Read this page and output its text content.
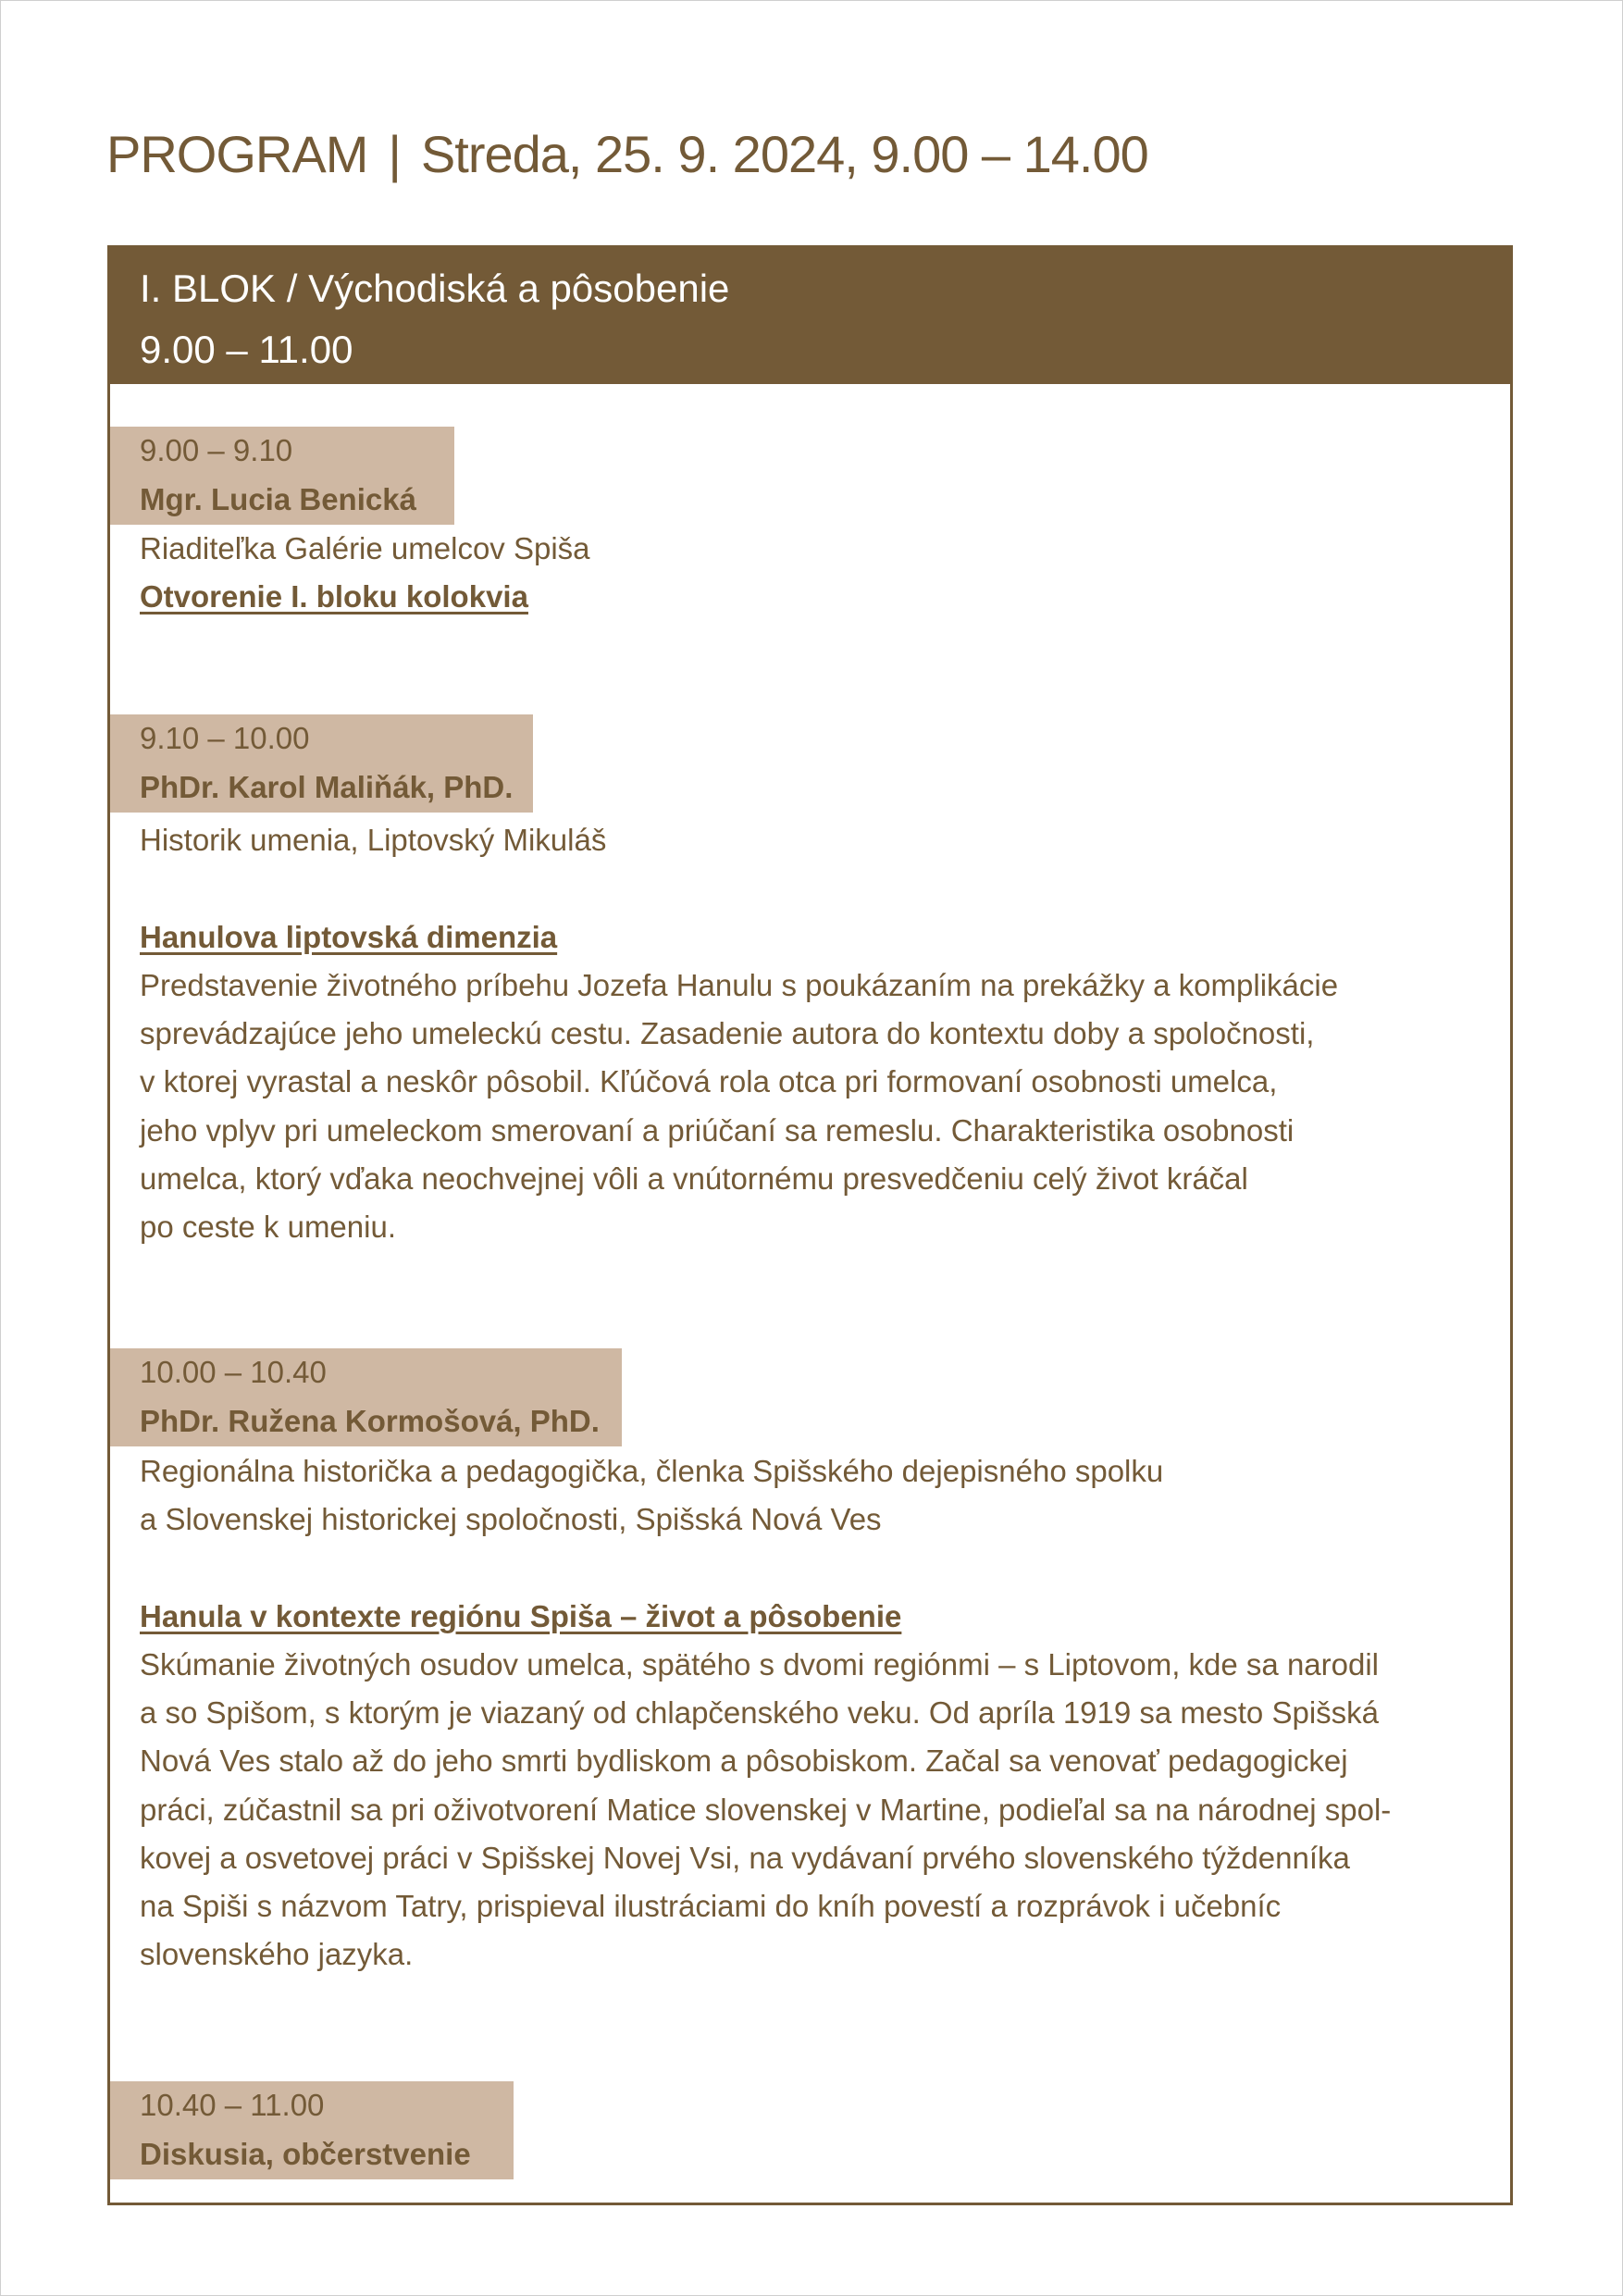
PROGRAM | Streda, 25. 9. 2024, 9.00 – 14.00
I. BLOK / Východiská a pôsobenie
9.00 – 11.00
9.00 – 9.10
Mgr. Lucia Benická
Riaditeľka Galérie umelcov Spiša
Otvorenie I. bloku kolokvia
9.10 – 10.00
PhDr. Karol Maliňák, PhD.
Historik umenia, Liptovský Mikuláš
Hanulova liptovská dimenzia
Predstavenie životného príbehu Jozefa Hanulu s poukázaním na prekážky a komplikácie
sprevádzajúce jeho umeleckú cestu. Zasadenie autora do kontextu doby a spoločnosti,
v ktorej vyrastal a neskôr pôsobil. Kľúčová rola otca pri formovaní osobnosti umelca,
jeho vplyv pri umeleckom smerovaní a priúčaní sa remeslu. Charakteristika osobnosti
umelca, ktorý vďaka neochvejnej vôli a vnútornému presvedčeniu celý život kráčal
po ceste k umeniu.
10.00 – 10.40
PhDr. Ružena Kormošová, PhD.
Regionálna historička a pedagogička, členka Spišského dejepisného spolku
a Slovenskej historickej spoločnosti, Spišská Nová Ves
Hanula v kontexte regiónu Spiša – život a pôsobenie
Skúmanie životných osudov umelca, spätého s dvomi regiónmi – s Liptovom, kde sa narodil
a so Spišom, s ktorým je viazaný od chlapčenského veku. Od apríla 1919 sa mesto Spišská
Nová Ves stalo až do jeho smrti bydliskom a pôsobiskom. Začal sa venovať pedagogickej
práci, zúčastnil sa pri oživotvorení Matice slovenskej v Martine, podieľal sa na národnej spol-
kovej a osvetovej práci v Spišskej Novej Vsi, na vydávaní prvého slovenského týždenníka
na Spiši s názvom Tatry, prispieval ilustráciami do kníh povestí a rozprávok i učebníc
slovenského jazyka.
10.40 – 11.00
Diskusia, občerstvenie
